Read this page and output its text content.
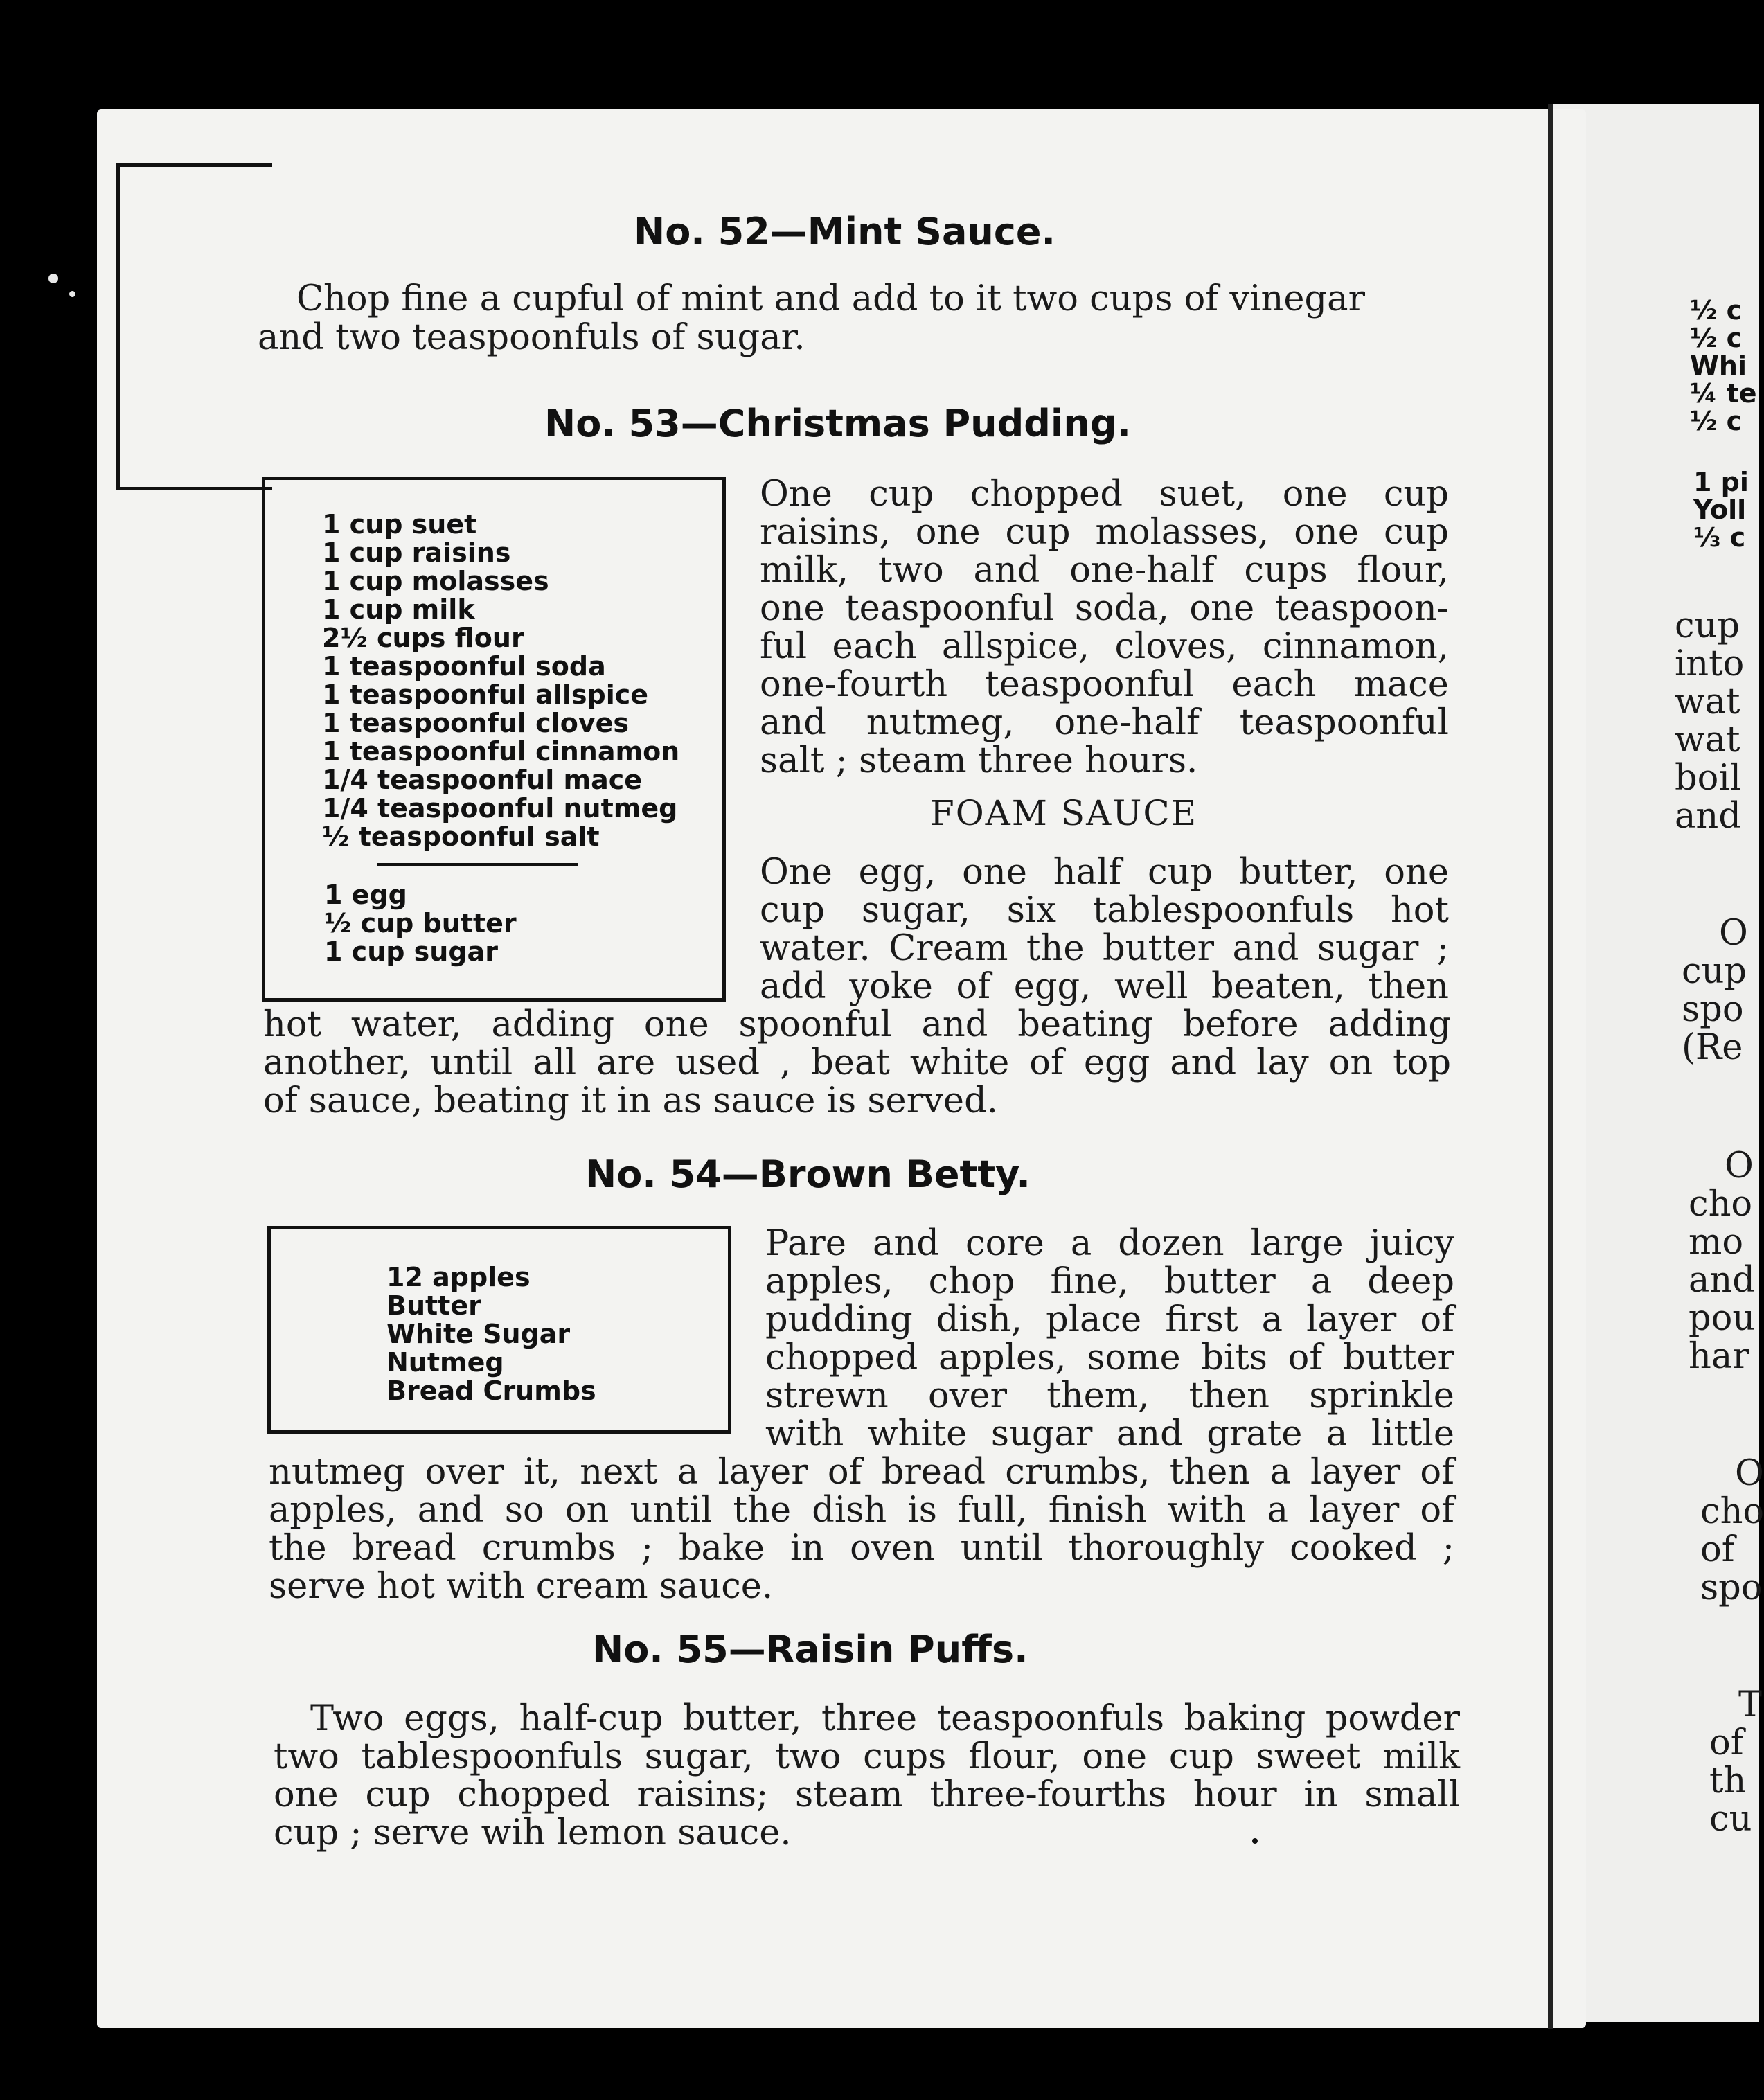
No. 52—Mint Sauce.
Chop fine a cupful of mint and add to it two cups of vinegar
and two teaspoonfuls of sugar.
No. 53—Christmas Pudding.
1 cup suet
1 cup raisins
1 cup molasses
1 cup milk
2½ cups flour
1 teaspoonful soda
1 teaspoonful allspice
1 teaspoonful cloves
1 teaspoonful cinnamon
1/4 teaspoonful mace
1/4 teaspoonful nutmeg
½ teaspoonful salt
1 egg
½ cup butter
1 cup sugar
One cup chopped suet, one cup
raisins, one cup molasses, one cup
milk, two and one-half cups flour,
one teaspoonful soda, one teaspoon-
ful each allspice, cloves, cinnamon,
one-fourth teaspoonful each mace
and nutmeg, one-half teaspoonful
salt ; steam three hours.
FOAM SAUCE
One egg, one half cup butter, one
cup sugar, six tablespoonfuls hot
water. Cream the butter and sugar ;
add yoke of egg, well beaten, then
hot water, adding one spoonful and beating before adding
another, until all are used , beat white of egg and lay on top
of sauce, beating it in as sauce is served.
No. 54—Brown Betty.
12 apples
Butter
White Sugar
Nutmeg
Bread Crumbs
Pare and core a dozen large juicy
apples, chop fine, butter a deep
pudding dish, place first a layer of
chopped apples, some bits of butter
strewn over them, then sprinkle
with white sugar and grate a little
nutmeg over it, next a layer of bread crumbs, then a layer of
apples, and so on until the dish is full, finish with a layer of
the bread crumbs ; bake in oven until thoroughly cooked ;
serve hot with cream sauce.
No. 55—Raisin Puffs.
Two eggs, half-cup butter, three teaspoonfuls baking powder
two tablespoonfuls sugar, two cups flour, one cup sweet milk
one cup chopped raisins; steam three-fourths hour in small
cup ; serve wih lemon sauce.
½ c
½ c
Whi
¼ te
½ c
1 pi
Yoll
⅓ c
cup
into
wat
wat
boil
and
O
cup
spo
(Re
O
cho
mo
and
pou
har
O
cho
of
spo
T
of
th
cu
